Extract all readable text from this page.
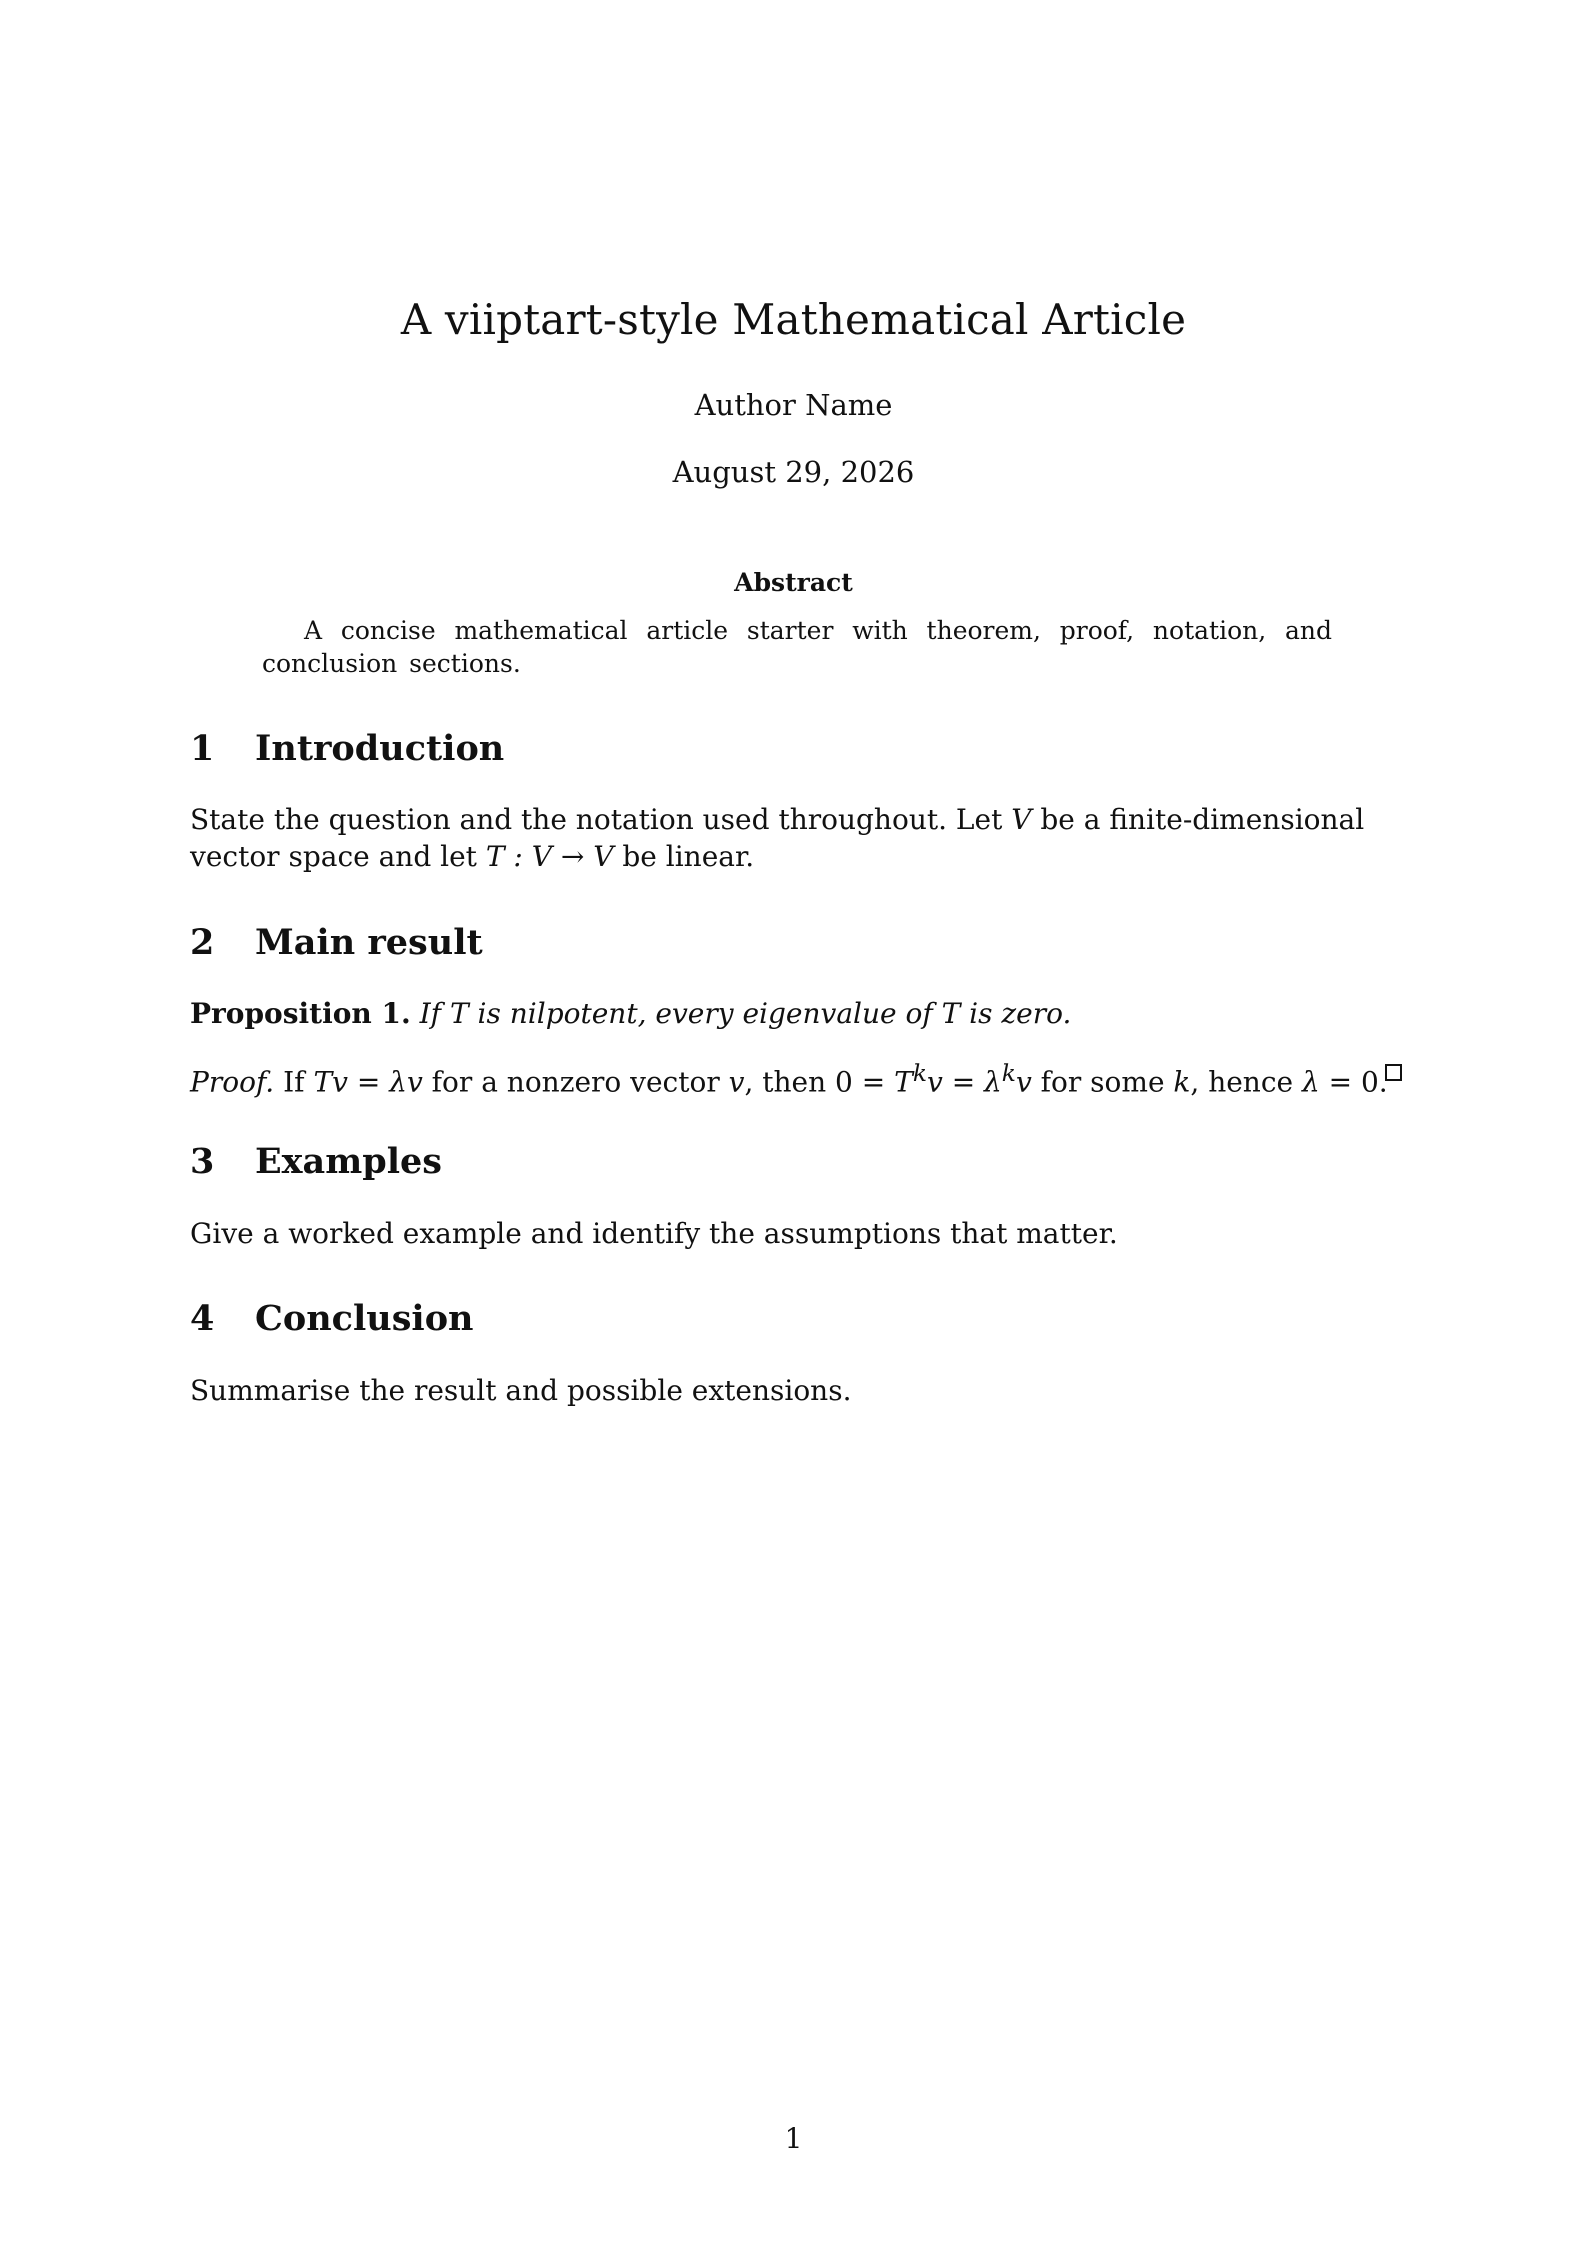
A viiptart-style Mathematical Article
Author Name
August 29, 2026
Abstract
A concise mathematical article starter with theorem, proof, notation, and conclusion sections.
1	Introduction
State the question and the notation used throughout. Let V be a finite-dimensional vector space and let T : V → V be linear.
2	Main result
Proposition 1. If T is nilpotent, every eigenvalue of T is zero.
Proof. If Tv = λv for a nonzero vector v, then $0 = T^kv = \lambda^kv$ for some k, hence λ = 0.
3	Examples
Give a worked example and identify the assumptions that matter.
4	Conclusion
Summarise the result and possible extensions.
1
